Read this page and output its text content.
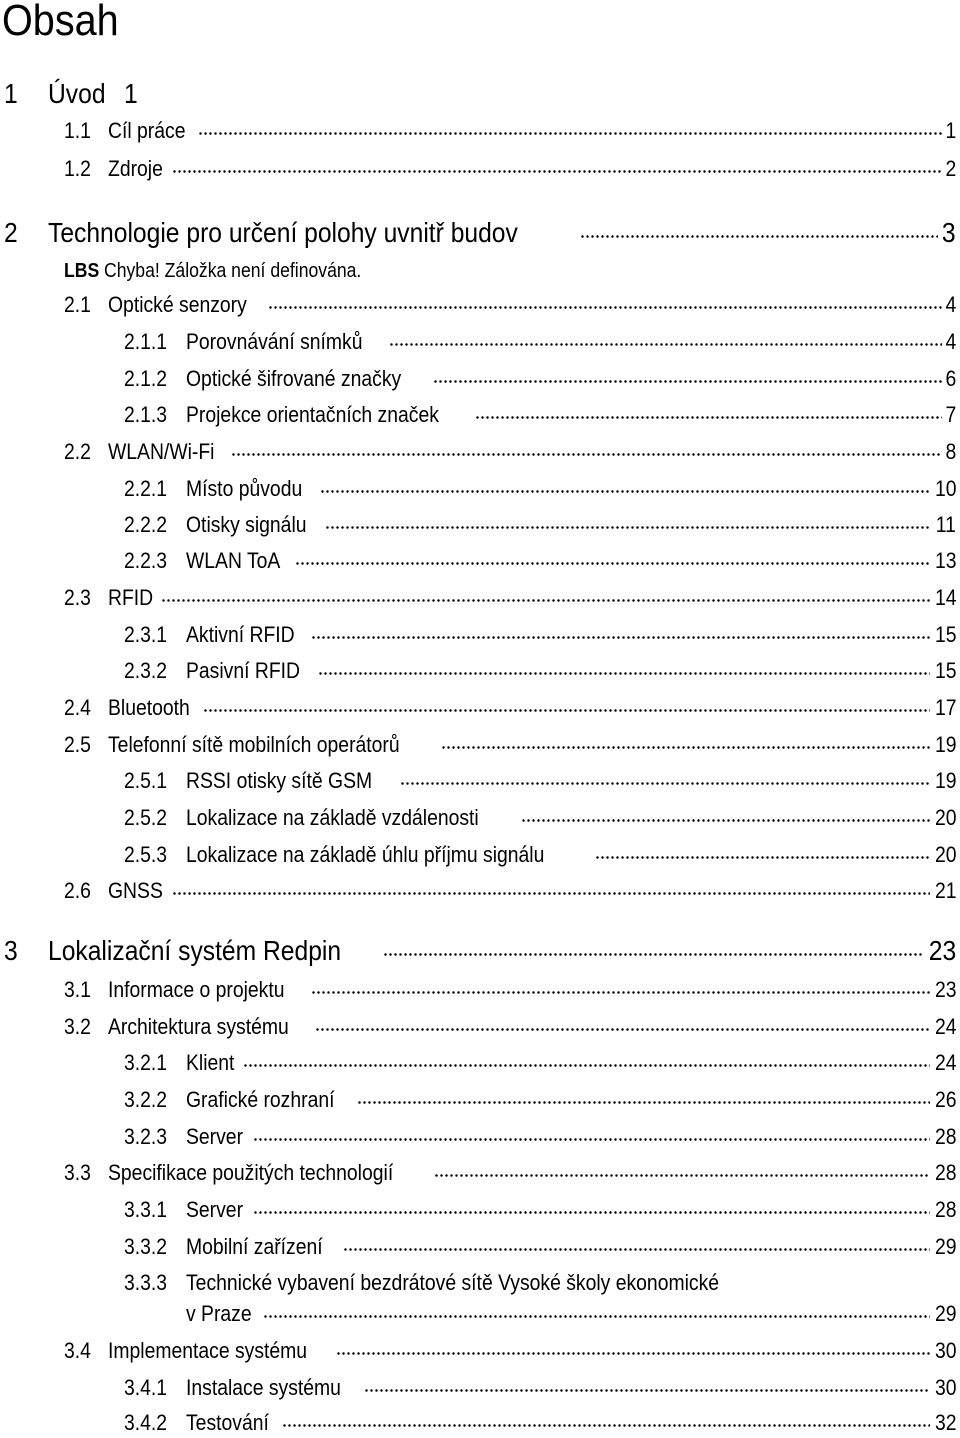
Obsah
1	Úvod 1
1.1 Cíl práce	1
1.2 Zdroje	2
2	Technologie pro určení polohy uvnitř budov	3
LBS Chyba! Záložka není definována.
2.1 Optické senzory	4
2.1.1 Porovnávání snímků	4
2.1.2 Optické šifrované značky	6
2.1.3 Projekce orientačních značek	7
2.2 WLAN/Wi-Fi	8
2.2.1 Místo původu	10
2.2.2 Otisky signálu	11
2.2.3 WLAN ToA	13
2.3 RFID	14
2.3.1 Aktivní RFID	15
2.3.2 Pasivní RFID	15
2.4 Bluetooth	17
2.5 Telefonní sítě mobilních operátorů	19
2.5.1 RSSI otisky sítě GSM	19
2.5.2 Lokalizace na základě vzdálenosti	20
2.5.3 Lokalizace na základě úhlu příjmu signálu	20
2.6 GNSS	21
3	Lokalizační systém Redpin	23
3.1 Informace o projektu	23
3.2 Architektura systému	24
3.2.1 Klient	24
3.2.2 Grafické rozhraní	26
3.2.3 Server	28
3.3 Specifikace použitých technologií	28
3.3.1 Server	28
3.3.2 Mobilní zařízení	29
3.3.3 Technické vybavení bezdrátové sítě Vysoké školy ekonomické
v Praze	29
3.4 Implementace systému	30
3.4.1 Instalace systému	30
3.4.2 Testování	32
